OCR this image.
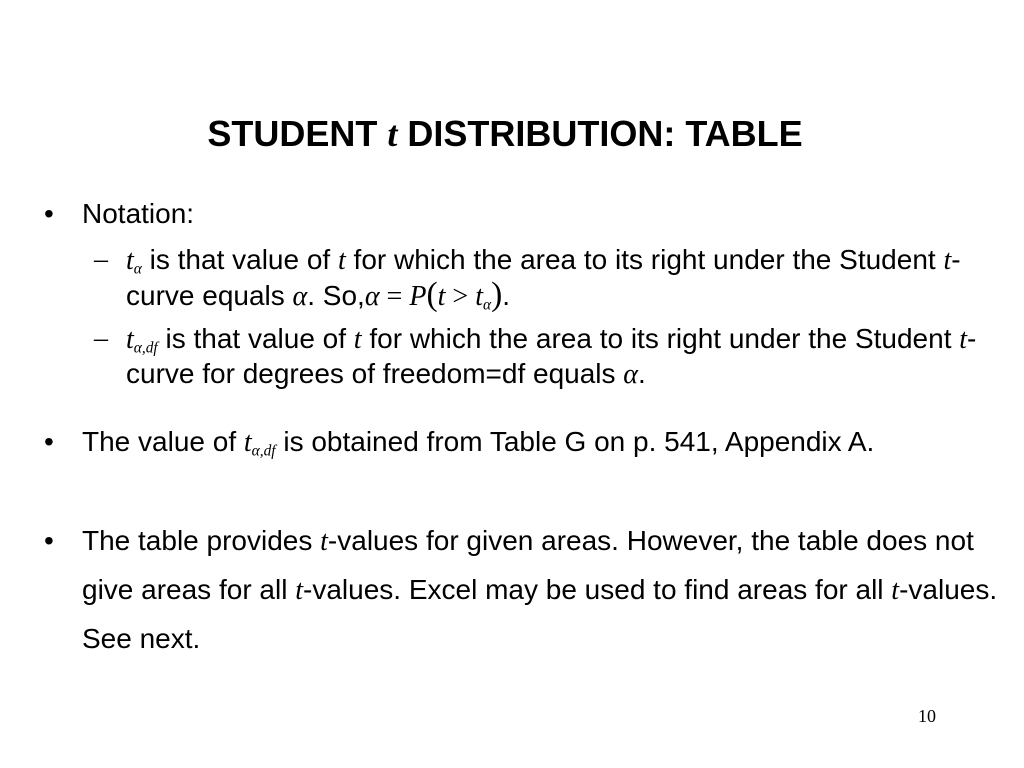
STUDENT t DISTRIBUTION: TABLE
• Notation:
– $t_\alpha$ is that value of t for which the area to its right under the Student t-curve equals α. $So,\alpha = P(t > t_\alpha)$.
– $t_{\alpha,df}$ is that value of t for which the area to its right under the Student t-curve for degrees of freedom=df equals α.
• The value of $t_{\alpha,df}$ is obtained from Table G on p. 541, Appendix A.
• The table provides t-values for given areas. However, the table does not give areas for all t-values. Excel may be used to find areas for all t-values. See next.
10
